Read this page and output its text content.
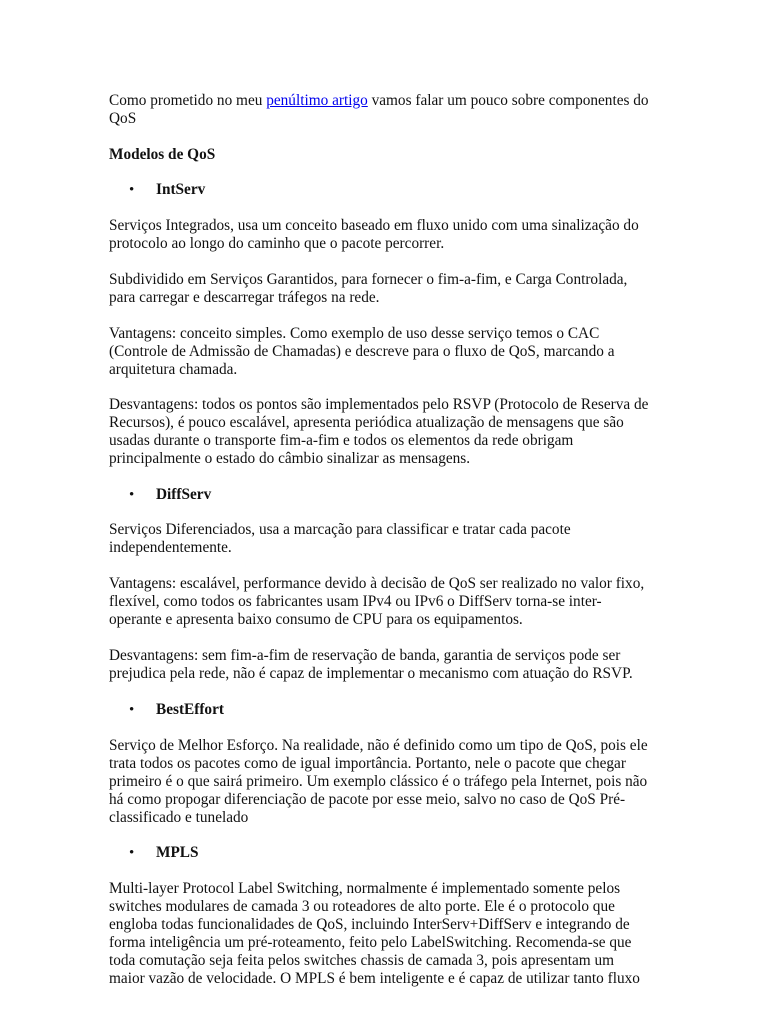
Como prometido no meu penúltimo artigo vamos falar um pouco sobre componentes do
QoS
Modelos de QoS
• IntServ
Serviços Integrados, usa um conceito baseado em fluxo unido com uma sinalização do
protocolo ao longo do caminho que o pacote percorrer.
Subdividido em Serviços Garantidos, para fornecer o fim-a-fim, e Carga Controlada,
para carregar e descarregar tráfegos na rede.
Vantagens: conceito simples. Como exemplo de uso desse serviço temos o CAC
(Controle de Admissão de Chamadas) e descreve para o fluxo de QoS, marcando a
arquitetura chamada.
Desvantagens: todos os pontos são implementados pelo RSVP (Protocolo de Reserva de
Recursos), é pouco escalável, apresenta periódica atualização de mensagens que são
usadas durante o transporte fim-a-fim e todos os elementos da rede obrigam
principalmente o estado do câmbio sinalizar as mensagens.
• DiffServ
Serviços Diferenciados, usa a marcação para classificar e tratar cada pacote
independentemente.
Vantagens: escalável, performance devido à decisão de QoS ser realizado no valor fixo,
flexível, como todos os fabricantes usam IPv4 ou IPv6 o DiffServ torna-se inter-
operante e apresenta baixo consumo de CPU para os equipamentos.
Desvantagens: sem fim-a-fim de reservação de banda, garantia de serviços pode ser
prejudica pela rede, não é capaz de implementar o mecanismo com atuação do RSVP.
• BestEffort
Serviço de Melhor Esforço. Na realidade, não é definido como um tipo de QoS, pois ele
trata todos os pacotes como de igual importância. Portanto, nele o pacote que chegar
primeiro é o que sairá primeiro. Um exemplo clássico é o tráfego pela Internet, pois não
há como propogar diferenciação de pacote por esse meio, salvo no caso de QoS Pré-
classificado e tunelado
• MPLS
Multi-layer Protocol Label Switching, normalmente é implementado somente pelos
switches modulares de camada 3 ou roteadores de alto porte. Ele é o protocolo que
engloba todas funcionalidades de QoS, incluindo InterServ+DiffServ e integrando de
forma inteligência um pré-roteamento, feito pelo LabelSwitching. Recomenda-se que
toda comutação seja feita pelos switches chassis de camada 3, pois apresentam um
maior vazão de velocidade. O MPLS é bem inteligente e é capaz de utilizar tanto fluxo
